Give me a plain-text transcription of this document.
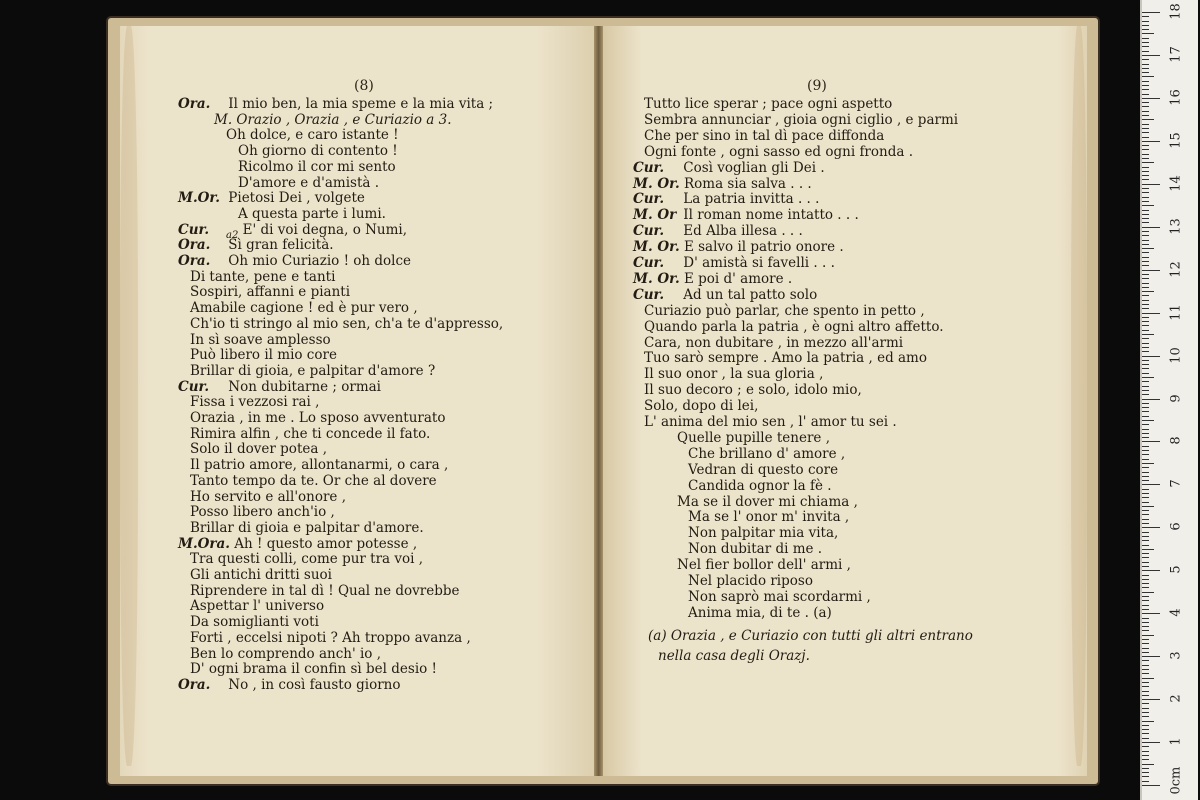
(8)
Ora. Il mio ben, la mia speme e la mia vita ;
M. Orazio , Orazia , e Curiazio a 3.
Oh dolce, e caro istante !
Oh giorno di contento !
Ricolmo il cor mi sento
D'amore e d'amistà .
M.Or. Pietosi Dei , volgete
A questa parte i lumi.
Cur. $_{a2}$ E' di voi degna, o Numi,
Ora. Sì gran felicità.
Ora. Oh mio Curiazio ! oh dolce
Di tante, pene e tanti
Sospiri, affanni e pianti
Amabile cagione ! ed è pur vero ,
Ch'io ti stringo al mio sen, ch'a te d'appresso,
In sì soave amplesso
Può libero il mio core
Brillar di gioia, e palpitar d'amore ?
Cur. Non dubitarne ; ormai
Fissa i vezzosi rai ,
Orazia , in me . Lo sposo avventurato
Rimira alfin , che ti concede il fato.
Solo il dover potea ,
Il patrio amore, allontanarmi, o cara ,
Tanto tempo da te. Or che al dovere
Ho servito e all'onore ,
Posso libero anch'io ,
Brillar di gioia e palpitar d'amore.
M.Ora. Ah ! questo amor potesse ,
Tra questi colli, come pur tra voi ,
Gli antichi dritti suoi
Riprendere in tal dì ! Qual ne dovrebbe
Aspettar l' universo
Da somiglianti voti
Forti , eccelsi nipoti ? Ah troppo avanza ,
Ben lo comprendo anch' io ,
D' ogni brama il confin sì bel desio !
Ora. No , in così fausto giorno
(9)
Tutto lice sperar ; pace ogni aspetto
Sembra annunciar , gioia ogni ciglio , e parmi
Che per sino in tal dì pace diffonda
Ogni fonte , ogni sasso ed ogni fronda .
Cur. Così voglian gli Dei .
M. Or. Roma sia salva . . .
Cur. La patria invitta . . .
M. Or Il roman nome intatto . . .
Cur. Ed Alba illesa . . .
M. Or. E salvo il patrio onore .
Cur. D' amistà si favelli . . .
M. Or. E poi d' amore .
Cur. Ad un tal patto solo
Curiazio può parlar, che spento in petto ,
Quando parla la patria , è ogni altro affetto.
Cara, non dubitare , in mezzo all'armi
Tuo sarò sempre . Amo la patria , ed amo
Il suo onor , la sua gloria ,
Il suo decoro ; e solo, idolo mio,
Solo, dopo di lei,
L' anima del mio sen , l' amor tu sei .
Quelle pupille tenere ,
Che brillano d' amore ,
Vedran di questo core
Candida ognor la fè .
Ma se il dover mi chiama ,
Ma se l' onor m' invita ,
Non palpitar mia vita,
Non dubitar di me .
Nel fier bollor dell' armi ,
Nel placido riposo
Non saprò mai scordarmi ,
Anima mia, di te . (a)
(a) Orazia , e Curiazio con tutti gli altri entrano
nella casa degli Orazj.
18
17
16
15
14
13
12
11
10
9
8
7
6
5
4
3
2
1
0cm
